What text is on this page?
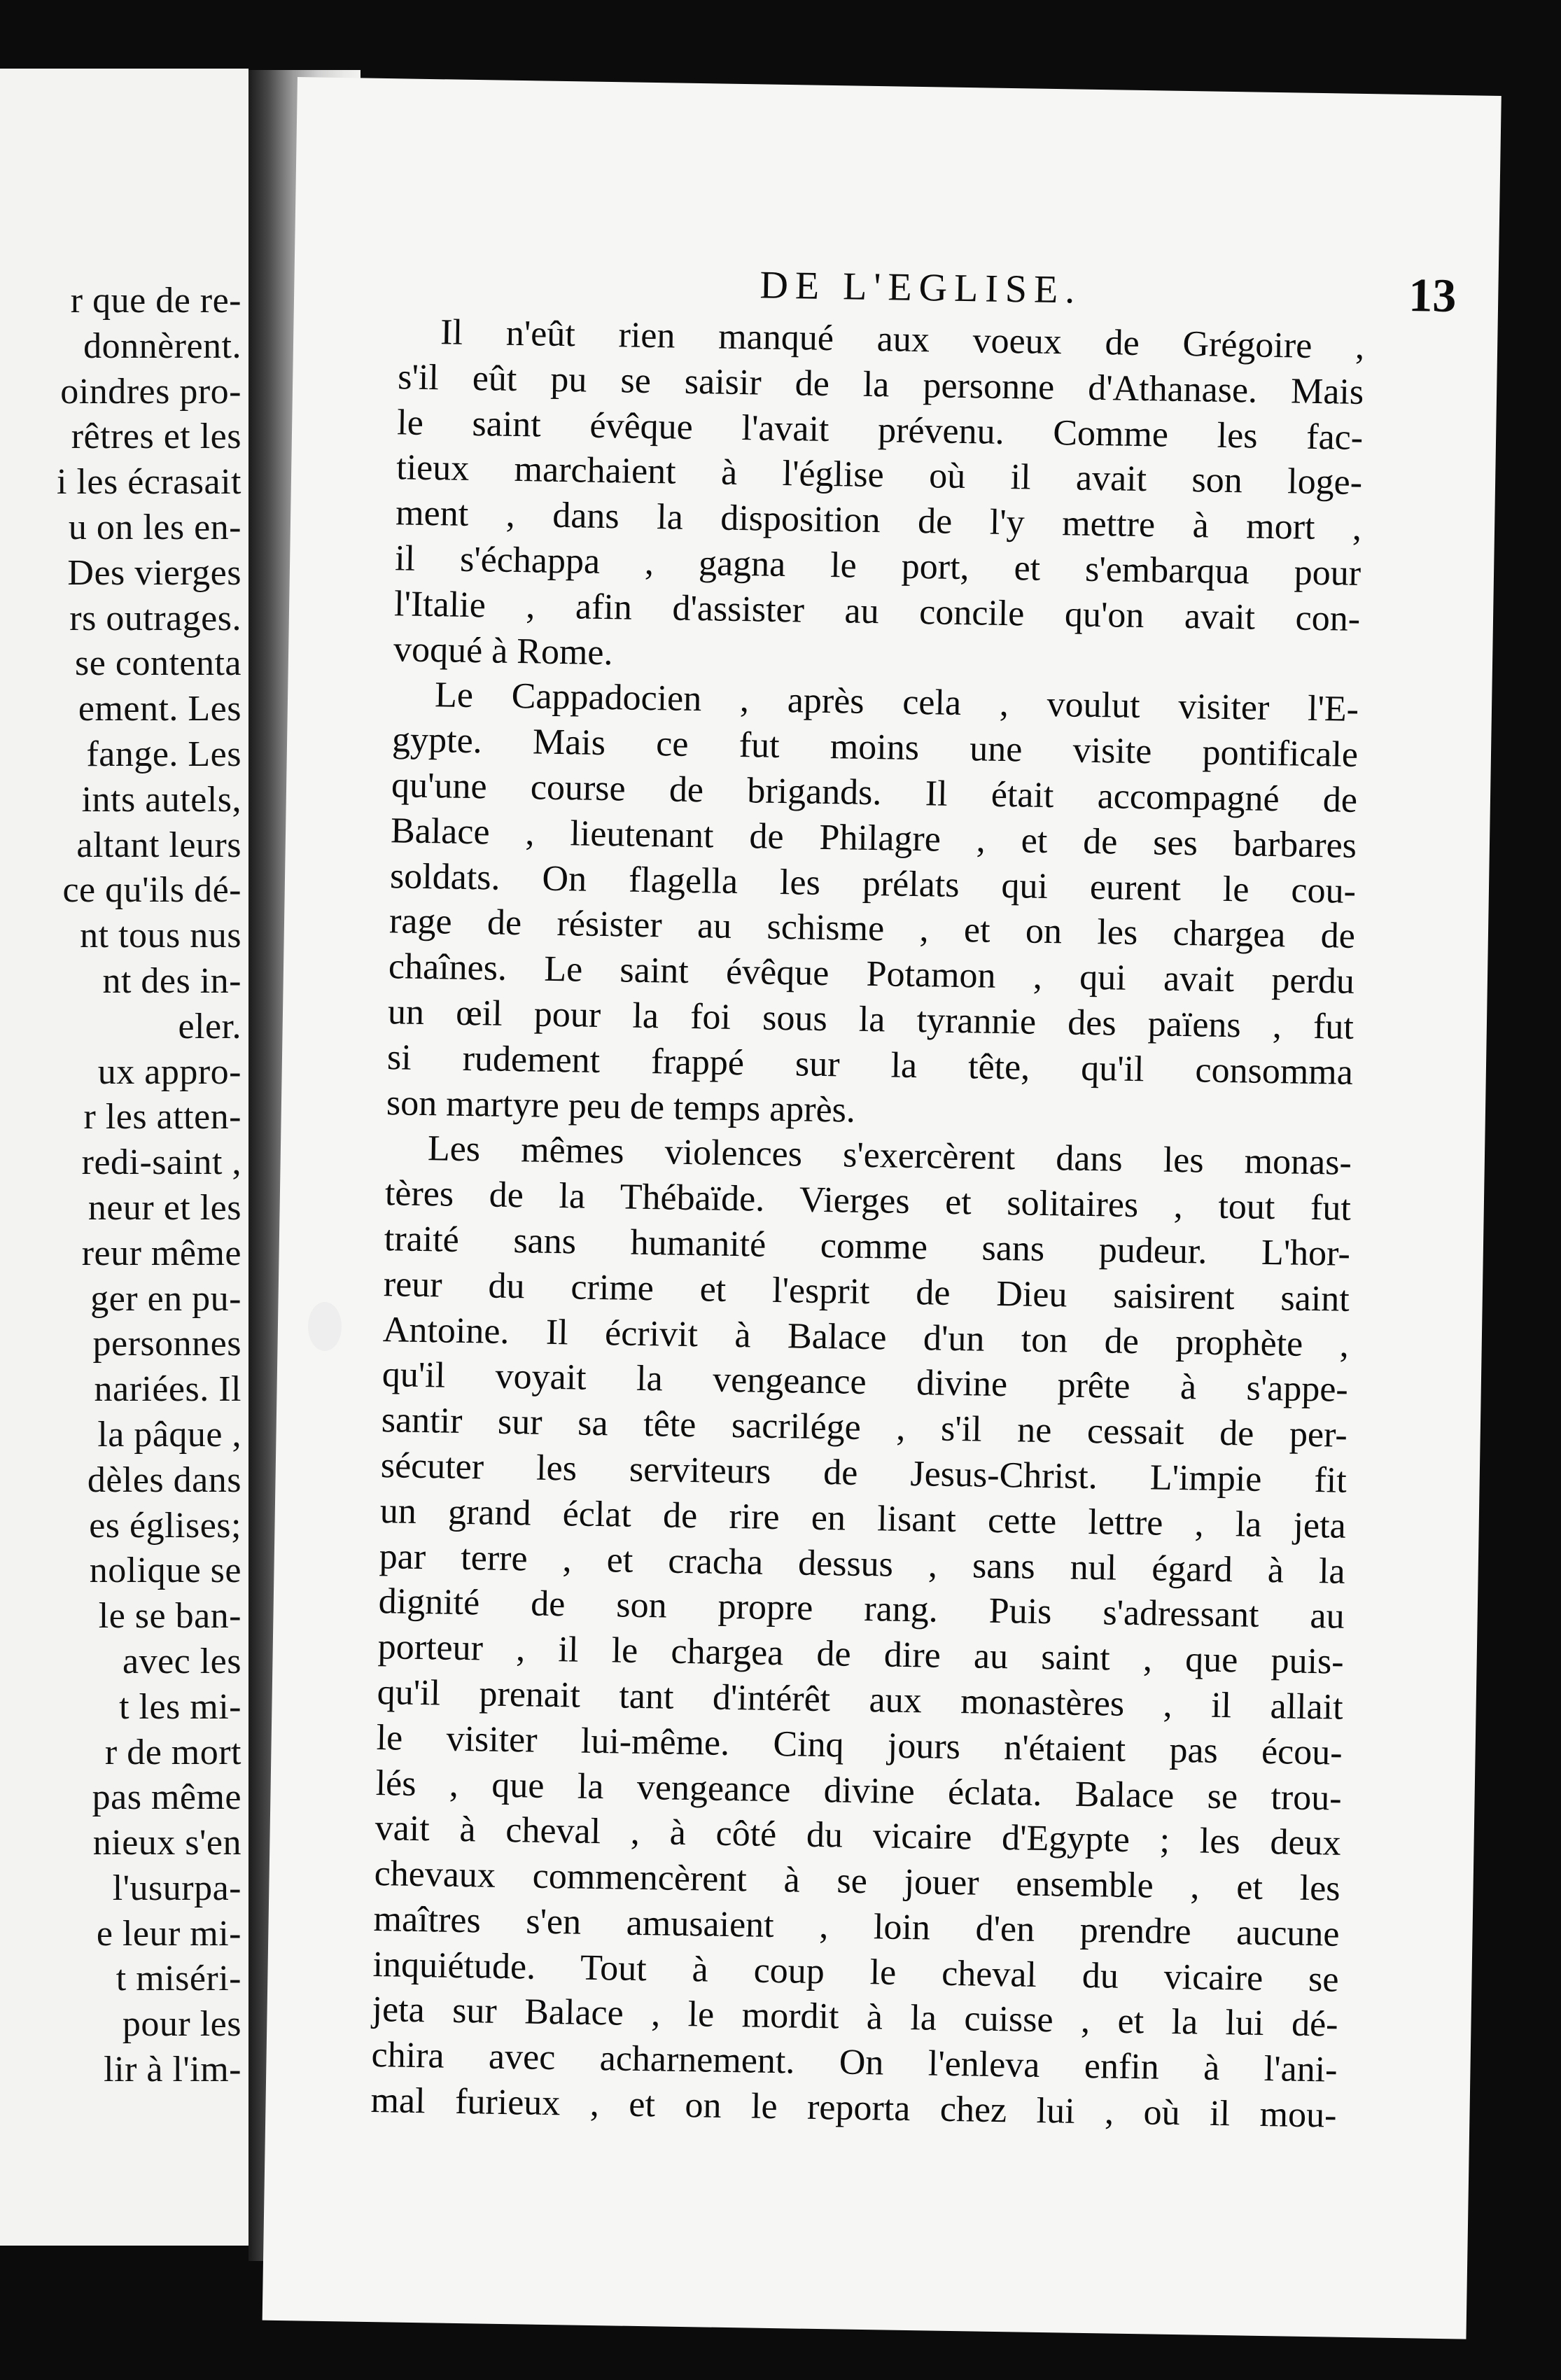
r que de re-
donnèrent.
oindres pro-
rêtres et les
i les écrasait
u on les en-
Des vierges
rs outrages.
se contenta
ement. Les
fange. Les
ints autels,
altant leurs
ce qu'ils dé-
nt tous nus
nt des in-
eler.
ux appro-
r les atten-
redi-saint ,
neur et les
reur même
ger en pu-
personnes
nariées. Il
la pâque ,
dèles dans
es églises;
nolique se
le se ban-
avec les
t les mi-
r de mort
pas même
nieux s'en
l'usurpa-
e leur mi-
t miséri-
pour les
lir à l'im-
DE L'EGLISE.	13
Il n'eût rien manqué aux voeux de Grégoire ,
s'il eût pu se saisir de la personne d'Athanase. Mais
le saint évêque l'avait prévenu. Comme les fac-
tieux marchaient à l'église où il avait son loge-
ment , dans la disposition de l'y mettre à mort ,
il s'échappa , gagna le port, et s'embarqua pour
l'Italie , afin d'assister au concile qu'on avait con-
voqué à Rome.
Le Cappadocien , après cela , voulut visiter l'E-
gypte. Mais ce fut moins une visite pontificale
qu'une course de brigands. Il était accompagné de
Balace , lieutenant de Philagre , et de ses barbares
soldats. On flagella les prélats qui eurent le cou-
rage de résister au schisme , et on les chargea de
chaînes. Le saint évêque Potamon , qui avait perdu
un œil pour la foi sous la tyrannie des païens , fut
si rudement frappé sur la tête, qu'il consomma
son martyre peu de temps après.
Les mêmes violences s'exercèrent dans les monas-
tères de la Thébaïde. Vierges et solitaires , tout fut
traité sans humanité comme sans pudeur. L'hor-
reur du crime et l'esprit de Dieu saisirent saint
Antoine. Il écrivit à Balace d'un ton de prophète ,
qu'il voyait la vengeance divine prête à s'appe-
santir sur sa tête sacrilége , s'il ne cessait de per-
sécuter les serviteurs de Jesus-Christ. L'impie fit
un grand éclat de rire en lisant cette lettre , la jeta
par terre , et cracha dessus , sans nul égard à la
dignité de son propre rang. Puis s'adressant au
porteur , il le chargea de dire au saint , que puis-
qu'il prenait tant d'intérêt aux monastères , il allait
le visiter lui-même. Cinq jours n'étaient pas écou-
lés , que la vengeance divine éclata. Balace se trou-
vait à cheval , à côté du vicaire d'Egypte ; les deux
chevaux commencèrent à se jouer ensemble , et les
maîtres s'en amusaient , loin d'en prendre aucune
inquiétude. Tout à coup le cheval du vicaire se
jeta sur Balace , le mordit à la cuisse , et la lui dé-
chira avec acharnement. On l'enleva enfin à l'ani-
mal furieux , et on le reporta chez lui , où il mou-
